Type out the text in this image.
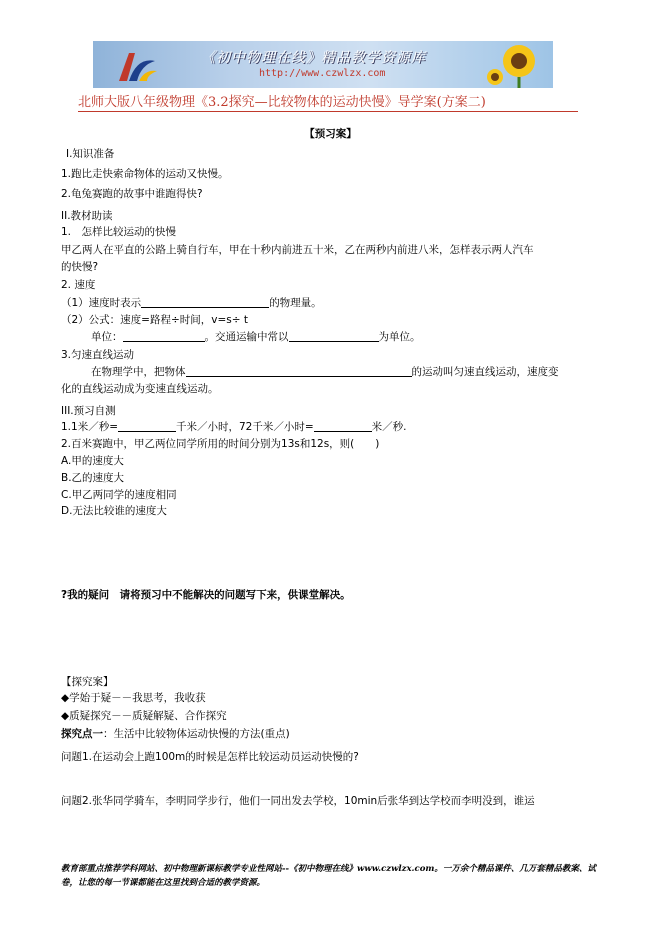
《初中物理在线》精品教学资源库
http://www.czwlzx.com
北师大版八年级物理《3.2探究—比较物体的运动快慢》导学案(方案二)
【预习案】
I.知识准备
1.跑比走快索命物体的运动又快慢。
2.龟兔赛跑的故事中谁跑得快?
II.教材助读
1.　怎样比较运动的快慢
甲乙两人在平直的公路上骑自行车，甲在十秒内前进五十米，乙在两秒内前进八米，怎样表示两人汽车
的快慢?
2. 速度
（1）速度时表示	的物理量。
（2）公式：速度=路程÷时间，v=s÷ t
单位：	。交通运输中常以	为单位。
3.匀速直线运动
在物理学中，把物体	的运动叫匀速直线运动，速度变
化的直线运动成为变速直线运动。
III.预习自测
1.1米／秒=	千米／小时，72千米／小时=	米／秒.
2.百米赛跑中，甲乙两位同学所用的时间分别为13s和12s，则(　　)
A.甲的速度大
B.乙的速度大
C.甲乙两同学的速度相同
D.无法比较谁的速度大
?我的疑问　请将预习中不能解决的问题写下来，供课堂解决。
【探究案】
◆学始于疑－－我思考，我收获
◆质疑探究－－质疑解疑、合作探究
探究点一：生活中比较物体运动快慢的方法(重点)
问题1.在运动会上跑100m的时候是怎样比较运动员运动快慢的?
问题2.张华同学骑车，李明同学步行，他们一同出发去学校，10min后张华到达学校而李明没到，谁运
教育部重点推荐学科网站、初中物理新课标教学专业性网站--《初中物理在线》www.czwlzx.com。一万余个精品课件、几万套精品教案、试卷，让您的每一节课都能在这里找到合适的教学资源。
